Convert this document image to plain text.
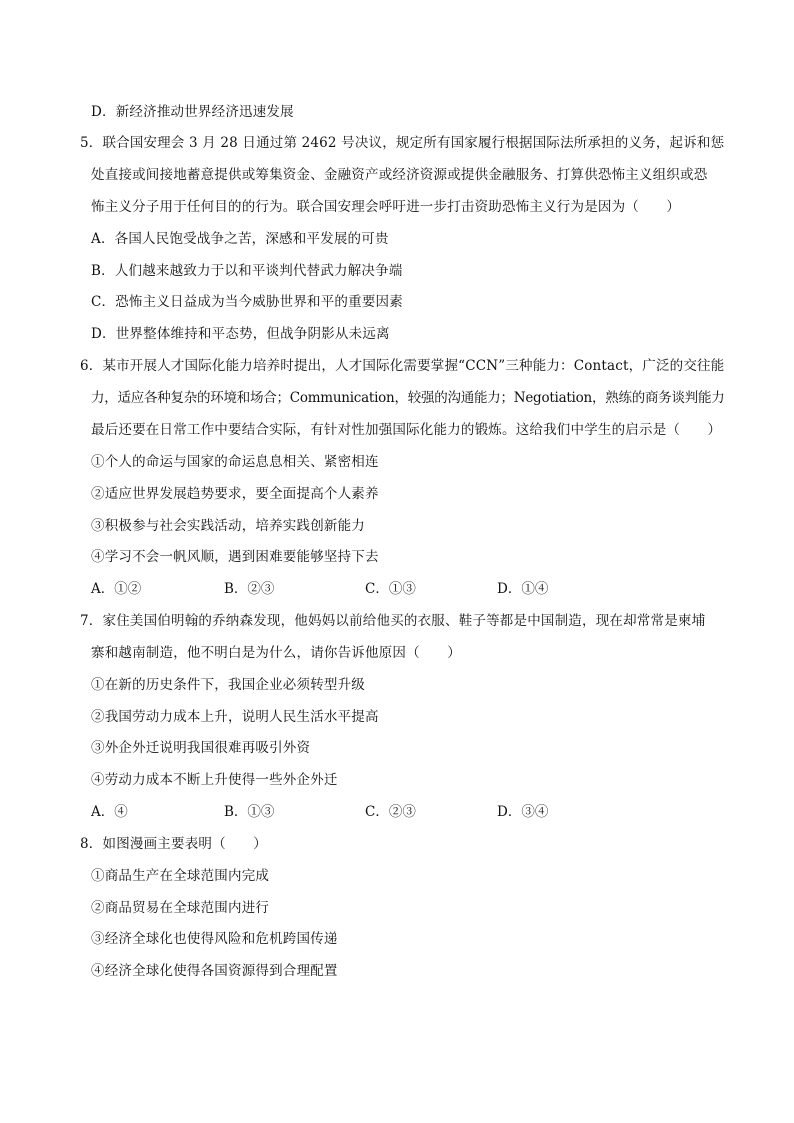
D．新经济推动世界经济迅速发展
5．联合国安理会 3 月 28 日通过第 2462 号决议，规定所有国家履行根据国际法所承担的义务，起诉和惩
处直接或间接地蓄意提供或筹集资金、金融资产或经济资源或提供金融服务、打算供恐怖主义组织或恐
怖主义分子用于任何目的的行为。联合国安理会呼吁进一步打击资助恐怖主义行为是因为（　　）
A．各国人民饱受战争之苦，深感和平发展的可贵
B．人们越来越致力于以和平谈判代替武力解决争端
C．恐怖主义日益成为当今威胁世界和平的重要因素
D．世界整体维持和平态势，但战争阴影从未远离
6．某市开展人才国际化能力培养时提出，人才国际化需要掌握“CCN”三种能力：Contact，广泛的交往能
力，适应各种复杂的环境和场合；Communication，较强的沟通能力；Negotiation，熟练的商务谈判能力
最后还要在日常工作中要结合实际，有针对性加强国际化能力的锻炼。这给我们中学生的启示是（　　）
①个人的命运与国家的命运息息相关、紧密相连
②适应世界发展趋势要求，要全面提高个人素养
③积极参与社会实践活动，培养实践创新能力
④学习不会一帆风顺，遇到困难要能够坚持下去
A．①②	B．②③	C．①③	D．①④
7．家住美国伯明翰的乔纳森发现，他妈妈以前给他买的衣服、鞋子等都是中国制造，现在却常常是柬埔
寨和越南制造，他不明白是为什么，请你告诉他原因（　　）
①在新的历史条件下，我国企业必须转型升级
②我国劳动力成本上升，说明人民生活水平提高
③外企外迁说明我国很难再吸引外资
④劳动力成本不断上升使得一些外企外迁
A．④	B．①③	C．②③	D．③④
8．如图漫画主要表明（　　）
①商品生产在全球范围内完成
②商品贸易在全球范围内进行
③经济全球化也使得风险和危机跨国传递
④经济全球化使得各国资源得到合理配置
